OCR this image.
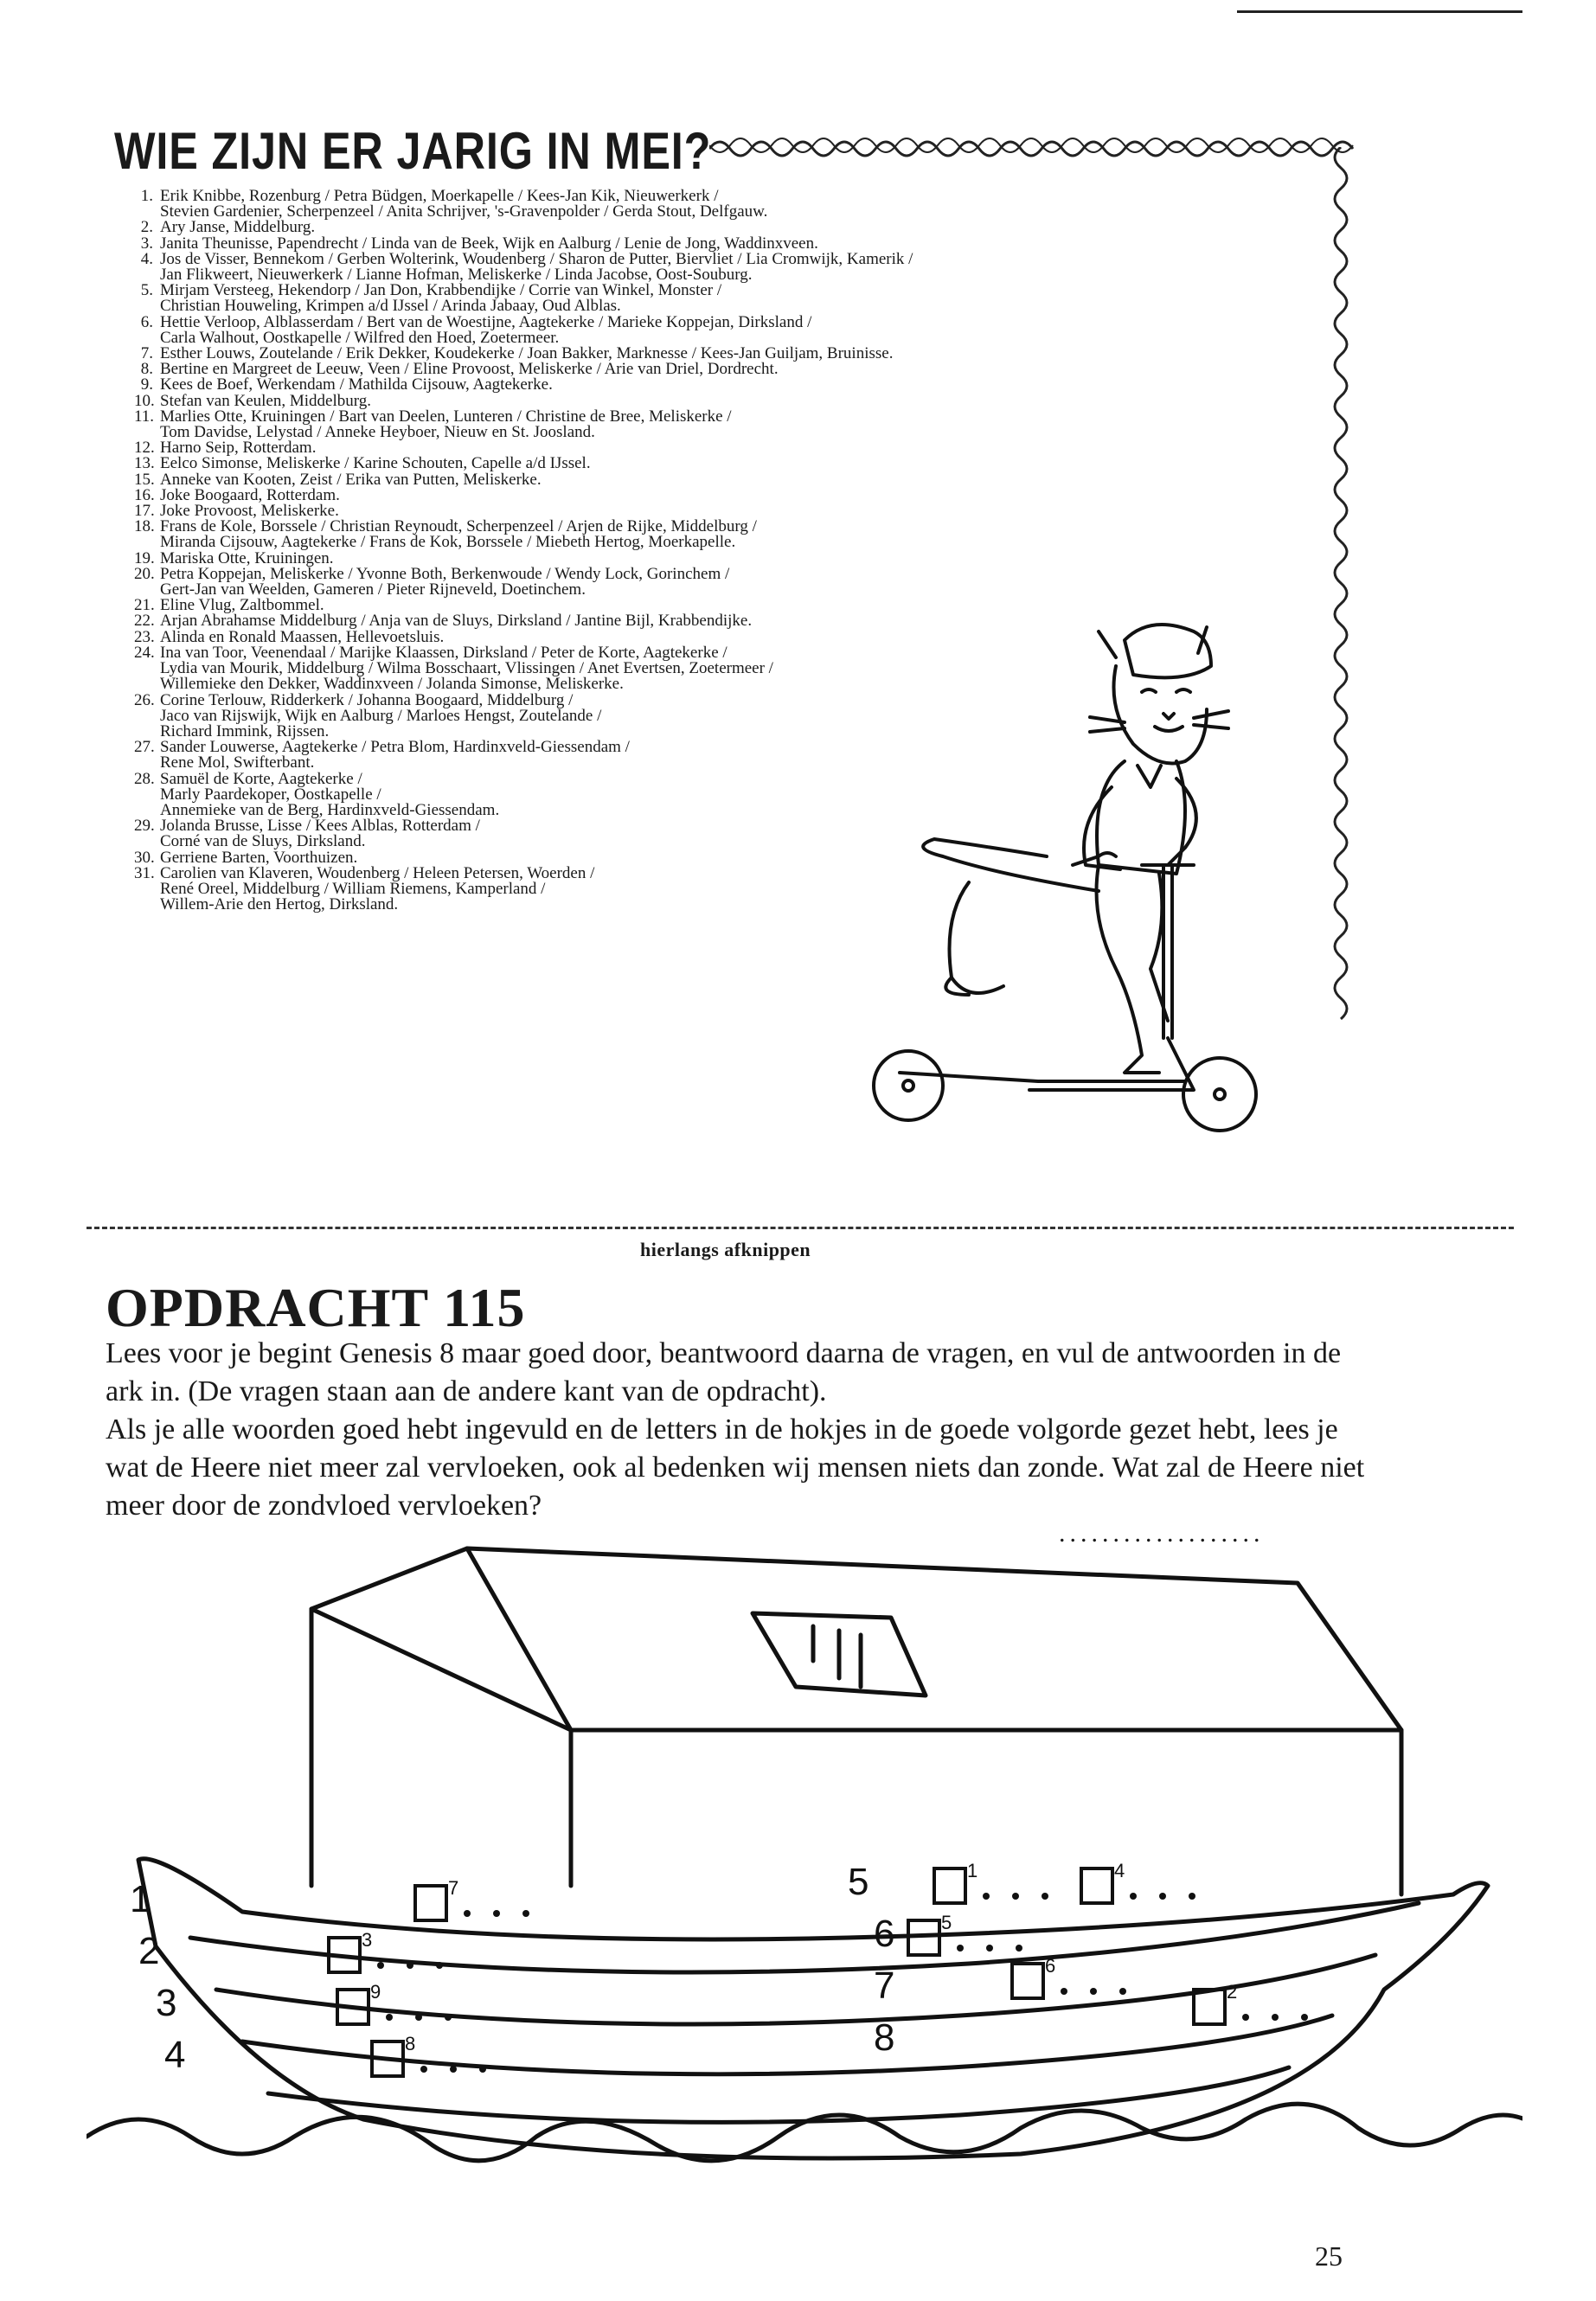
WIE ZIJN ER JARIG IN MEI?
1. Erik Knibbe, Rozenburg / Petra Büdgen, Moerkapelle / Kees-Jan Kik, Nieuwerkerk /
Stevien Gardenier, Scherpenzeel / Anita Schrijver, 's-Gravenpolder / Gerda Stout, Delfgauw.
2. Ary Janse, Middelburg.
3. Janita Theunisse, Papendrecht / Linda van de Beek, Wijk en Aalburg / Lenie de Jong, Waddinxveen.
4. Jos de Visser, Bennekom / Gerben Wolterink, Woudenberg / Sharon de Putter, Biervliet / Lia Cromwijk, Kamerik /
Jan Flikweert, Nieuwerkerk / Lianne Hofman, Meliskerke / Linda Jacobse, Oost-Souburg.
5. Mirjam Versteeg, Hekendorp / Jan Don, Krabbendijke / Corrie van Winkel, Monster /
Christian Houweling, Krimpen a/d IJssel / Arinda Jabaay, Oud Alblas.
6. Hettie Verloop, Alblasserdam / Bert van de Woestijne, Aagtekerke / Marieke Koppejan, Dirksland /
Carla Walhout, Oostkapelle / Wilfred den Hoed, Zoetermeer.
7. Esther Louws, Zoutelande / Erik Dekker, Koudekerke / Joan Bakker, Marknesse / Kees-Jan Guiljam, Bruinisse.
8. Bertine en Margreet de Leeuw, Veen / Eline Provoost, Meliskerke / Arie van Driel, Dordrecht.
9. Kees de Boef, Werkendam / Mathilda Cijsouw, Aagtekerke.
10. Stefan van Keulen, Middelburg.
11. Marlies Otte, Kruiningen / Bart van Deelen, Lunteren / Christine de Bree, Meliskerke /
Tom Davidse, Lelystad / Anneke Heyboer, Nieuw en St. Joosland.
12. Harno Seip, Rotterdam.
13. Eelco Simonse, Meliskerke / Karine Schouten, Capelle a/d IJssel.
15. Anneke van Kooten, Zeist / Erika van Putten, Meliskerke.
16. Joke Boogaard, Rotterdam.
17. Joke Provoost, Meliskerke.
18. Frans de Kole, Borssele / Christian Reynoudt, Scherpenzeel / Arjen de Rijke, Middelburg /
Miranda Cijsouw, Aagtekerke / Frans de Kok, Borssele / Miebeth Hertog, Moerkapelle.
19. Mariska Otte, Kruiningen.
20. Petra Koppejan, Meliskerke / Yvonne Both, Berkenwoude / Wendy Lock, Gorinchem /
Gert-Jan van Weelden, Gameren / Pieter Rijneveld, Doetinchem.
21. Eline Vlug, Zaltbommel.
22. Arjan Abrahamse Middelburg / Anja van de Sluys, Dirksland / Jantine Bijl, Krabbendijke.
23. Alinda en Ronald Maassen, Hellevoetsluis.
24. Ina van Toor, Veenendaal / Marijke Klaassen, Dirksland / Peter de Korte, Aagtekerke /
Lydia van Mourik, Middelburg / Wilma Bosschaart, Vlissingen / Anet Evertsen, Zoetermeer /
Willemieke den Dekker, Waddinxveen / Jolanda Simonse, Meliskerke.
26. Corine Terlouw, Ridderkerk / Johanna Boogaard, Middelburg /
Jaco van Rijswijk, Wijk en Aalburg / Marloes Hengst, Zoutelande /
Richard Immink, Rijssen.
27. Sander Louwerse, Aagtekerke / Petra Blom, Hardinxveld-Giessendam /
Rene Mol, Swifterbant.
28. Samuël de Korte, Aagtekerke /
Marly Paardekoper, Oostkapelle /
Annemieke van de Berg, Hardinxveld-Giessendam.
29. Jolanda Brusse, Lisse / Kees Alblas, Rotterdam /
Corné van de Sluys, Dirksland.
30. Gerriene Barten, Voorthuizen.
31. Carolien van Klaveren, Woudenberg / Heleen Petersen, Woerden /
René Oreel, Middelburg / William Riemens, Kamperland /
Willem-Arie den Hertog, Dirksland.
hierlangs afknippen
OPDRACHT 115

Lees voor je begint Genesis 8 maar goed door, beantwoord daarna de vragen, en vul de antwoorden in de ark in. (De vragen staan aan de andere kant van de opdracht).

Als je alle woorden goed hebt ingevuld en de letters in de hokjes in de goede volgorde gezet hebt, lees je wat de Heere niet meer zal vervloeken, ook al bedenken wij mensen niets dan zonde. Wat zal de Heere niet meer door de zondvloed vervloeken?

...................
1
2
3
4
5
6
7
8
7
3
9
8
1
5
6
4
2
25
